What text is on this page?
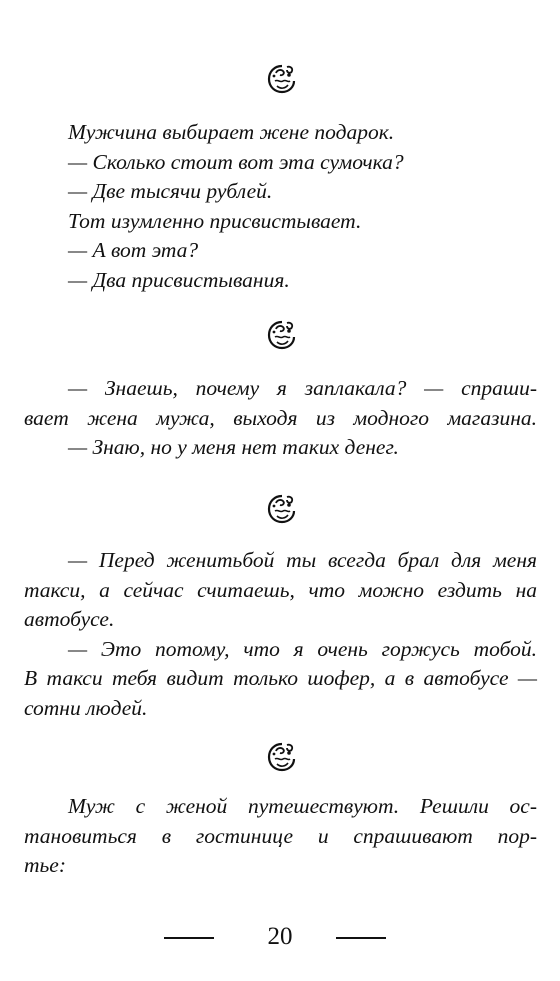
Мужчина выбирает жене подарок.

— Сколько стоит вот эта сумочка?

— Две тысячи рублей.

Тот изумленно присвистывает.

— А вот эта?

— Два присвистывания.

— Знаешь, почему я заплакала? — спраши-

вает жена мужа, выходя из модного магазина.

— Знаю, но у меня нет таких денег.

— Перед женитьбой ты всегда брал для меня

такси, а сейчас считаешь, что можно ездить на

автобусе.

— Это потому, что я очень горжусь тобой.

В такси тебя видит только шофер, а в автобусе —

сотни людей.

Муж с женой путешествуют. Решили ос-

тановиться в гостинице и спрашивают пор-

тье:

20
